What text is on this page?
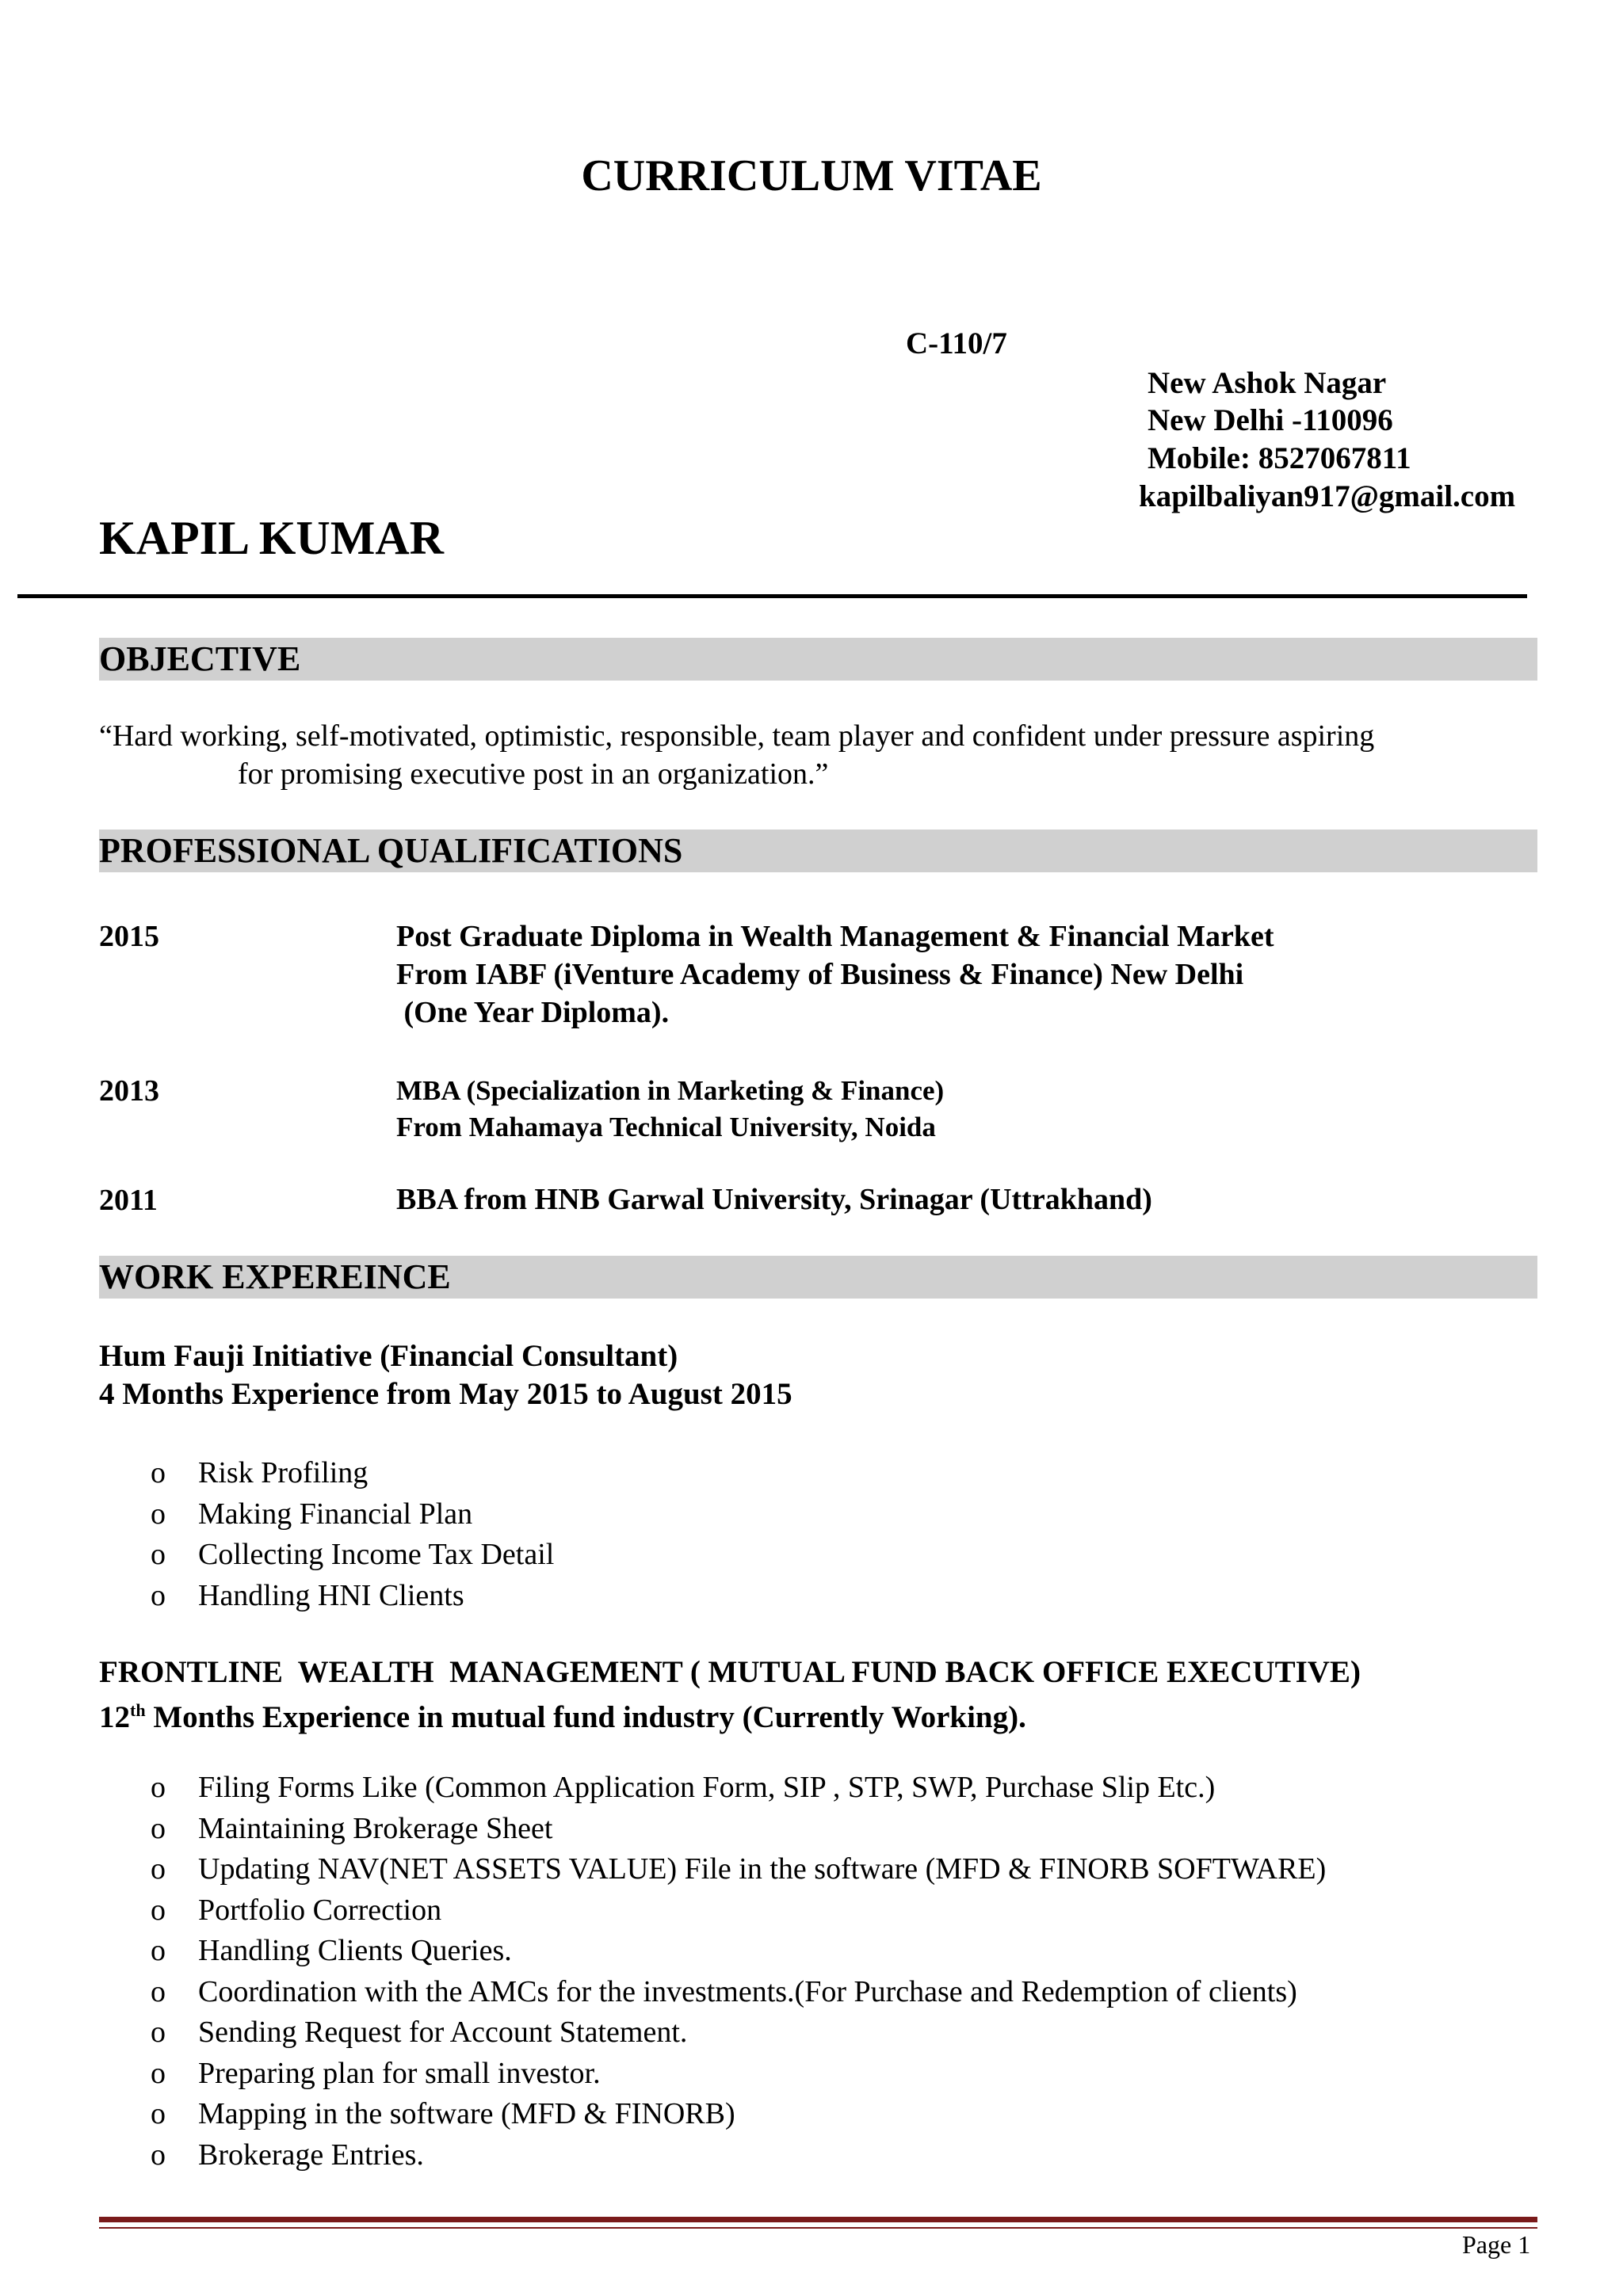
CURRICULUM VITAE
C-110/7
New Ashok Nagar
New Delhi -110096
Mobile: 8527067811
kapilbaliyan917@gmail.com
KAPIL KUMAR
OBJECTIVE
“Hard working, self-motivated, optimistic, responsible, team player and confident under pressure aspiring
for promising executive post in an organization.”
PROFESSIONAL QUALIFICATIONS
2015	Post Graduate Diploma in Wealth Management & Financial Market
From IABF (iVenture Academy of Business & Finance) New Delhi
(One Year Diploma).
2013	MBA (Specialization in Marketing & Finance)
From Mahamaya Technical University, Noida
2011	BBA from HNB Garwal University, Srinagar (Uttrakhand)
WORK EXPEREINCE
Hum Fauji Initiative (Financial Consultant)
4 Months Experience from May 2015 to August 2015
o Risk Profiling
o Making Financial Plan
o Collecting Income Tax Detail
o Handling HNI Clients
FRONTLINE  WEALTH  MANAGEMENT ( MUTUAL FUND BACK OFFICE EXECUTIVE)
12th Months Experience in mutual fund industry (Currently Working).
o Filing Forms Like (Common Application Form, SIP , STP, SWP, Purchase Slip Etc.)
o Maintaining Brokerage Sheet
o Updating NAV(NET ASSETS VALUE) File in the software (MFD & FINORB SOFTWARE)
o Portfolio Correction
o Handling Clients Queries.
o Coordination with the AMCs for the investments.(For Purchase and Redemption of clients)
o Sending Request for Account Statement.
o Preparing plan for small investor.
o Mapping in the software (MFD & FINORB)
o Brokerage Entries.
Page 1
